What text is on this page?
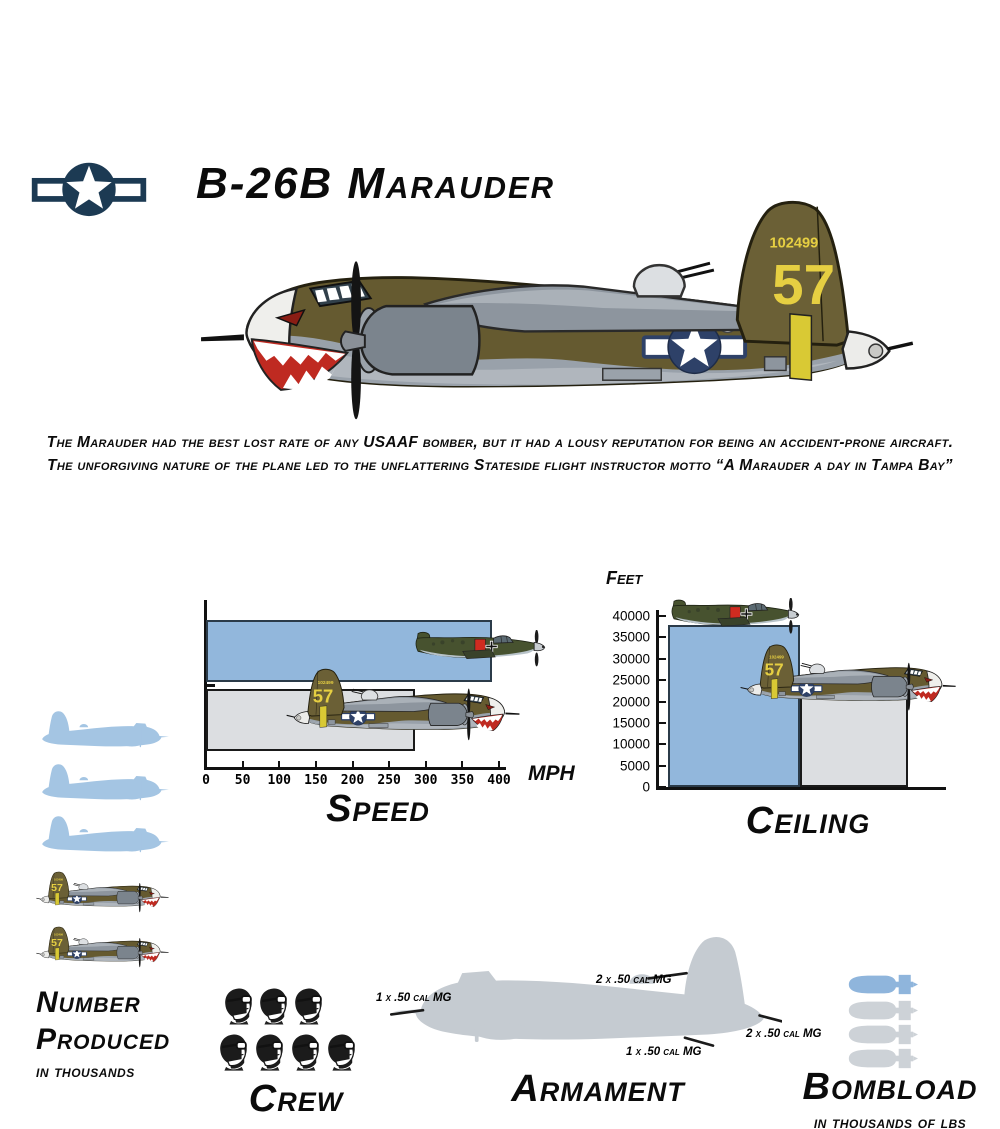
B-26B Marauder
102499
57
The Marauder had the best lost rate of any USAAF bomber, but it had a lousy reputation for being an accident-prone aircraft.
The unforgiving nature of the plane led to the unflattering Stateside flight instructor motto “A Marauder a day in Tampa Bay”
102499
57
0 50 100 150 200 250 300 350 400 MPH
Speed
Feet
102499
57
0
5000
10000
15000
20000
25000
30000
35000
40000
Ceiling
102499
57
102499
57
Number
Produced
in thousands
Crew
1 x .50 cal MG
2 x .50 cal MG
1 x .50 cal MG
2 x .50 cal MG
Armament	Bombload
in thousands of lbs
